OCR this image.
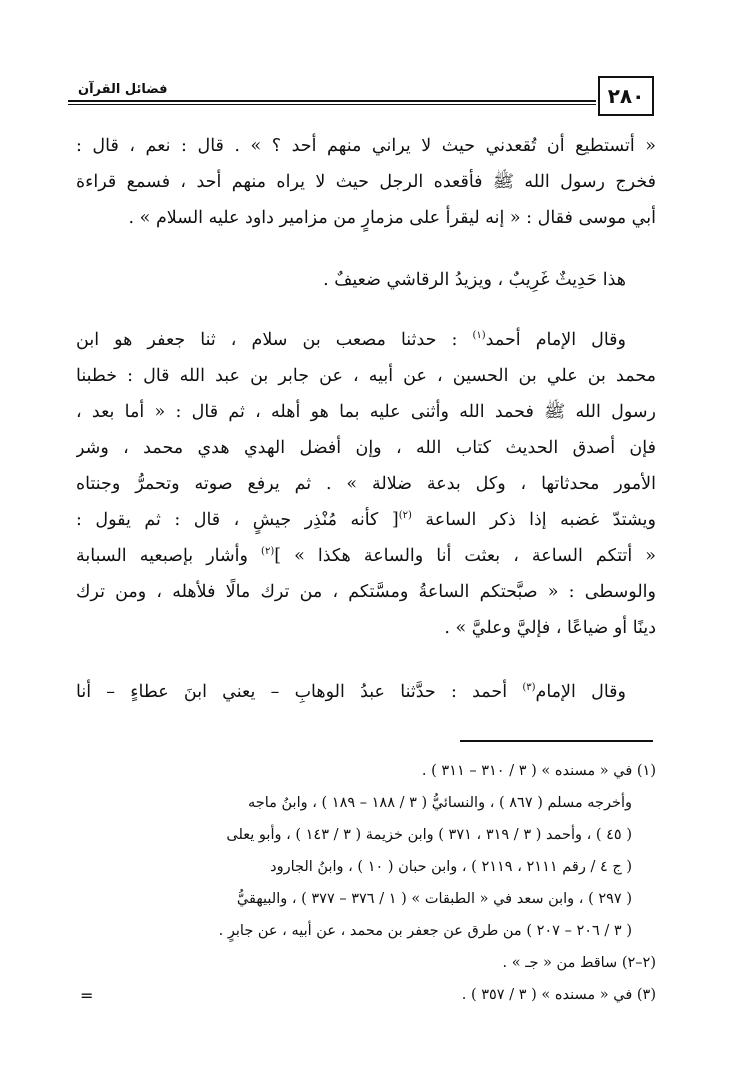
٢٨٠
فضائل القرآن
« أتستطيع أن تُقعدني حيث لا يراني منهم أحد ؟ » . قال : نعم ، قال :
فخرج رسول الله ﷺ فأقعده الرجل حيث لا يراه منهم أحد ، فسمع قراءة
أبي موسى فقال : « إنه ليقرأ على مزمارٍ من مزامير داود عليه السلام » .
هذا حَدِيثٌ غَرِيبٌ ، ويزيدُ الرقاشي ضعيفٌ .
وقال الإمام أحمد$^{(١)}$ : حدثنا مصعب بن سلام ، ثنا جعفر هو ابن
محمد بن علي بن الحسين ، عن أبيه ، عن جابر بن عبد الله قال : خطبنا
رسول الله ﷺ فحمد الله وأثنى عليه بما هو أهله ، ثم قال : « أما بعد ،
فإن أصدق الحديث كتاب الله ، وإن أفضل الهدي هدي محمد ، وشر
الأمور محدثاتها ، وكل بدعة ضلالة » . ثم يرفع صوته وتحمرُّ وجنتاه
ويشتدّ غضبه إذا ذكر الساعة $^{(٢)}$[ كأنه مُنْذِر جيشٍ ، قال : ثم يقول :
« أتتكم الساعة ، بعثت أنا والساعة هكذا » ]$^{(٢)}$ وأشار بإصبعيه السبابة
والوسطى : « صبَّحتكم الساعةُ ومسَّتكم ، من ترك مالًا فلأهله ، ومن ترك
دينًا أو ضياعًا ، فإليَّ وعليَّ » .
وقال الإمام$^{(٣)}$ أحمد : حدَّثنا عبدُ الوهابِ – يعني ابنَ عطاءٍ – أنا
(١) في « مسنده » ( ٣ / ٣١٠ – ٣١١ ) .
وأخرجه مسلم ( ٨٦٧ ) ، والنسائيُّ ( ٣ / ١٨٨ – ١٨٩ ) ، وابنُ ماجه
( ٤٥ ) ، وأحمد ( ٣ / ٣١٩ ، ٣٧١ ) وابن خزيمة ( ٣ / ١٤٣ ) ، وأبو يعلى
( ج ٤ / رقم ٢١١١ ، ٢١١٩ ) ، وابن حبان ( ١٠ ) ، وابنُ الجارود
( ٢٩٧ ) ، وابن سعد في « الطبقات » ( ١ / ٣٧٦ – ٣٧٧ ) ، والبيهقيُّ
( ٣ / ٢٠٦ – ٢٠٧ ) من طرق عن جعفر بن محمد ، عن أبيه ، عن جابرٍ .
(٢–٢) ساقط من « جـ » .
(٣) في « مسنده » ( ٣ / ٣٥٧ ) .
=
